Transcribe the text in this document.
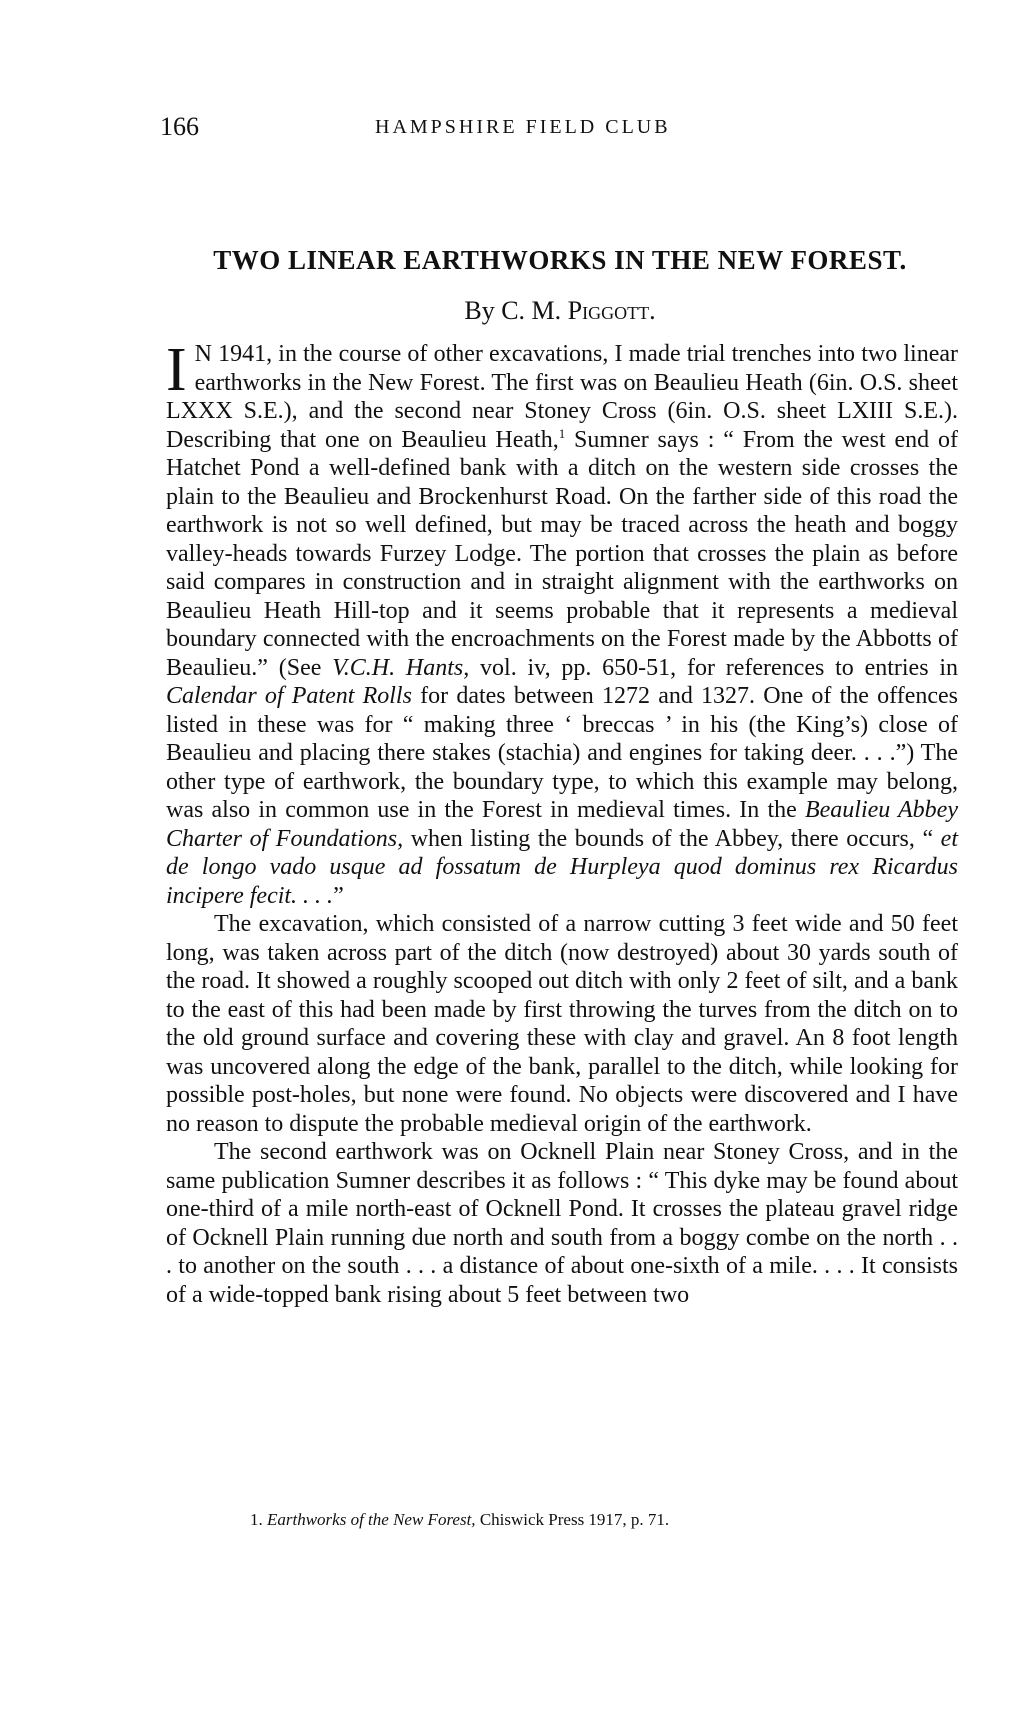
166	HAMPSHIRE FIELD CLUB
TWO LINEAR EARTHWORKS IN THE NEW FOREST.
By C. M. Piggott.

I N 1941, in the course of other excavations, I made trial trenches into two linear earthworks in the New Forest. The first was on Beaulieu Heath (6in. O.S. sheet LXXX S.E.), and the second near Stoney Cross (6in. O.S. sheet LXIII S.E.). Describing that one on Beaulieu Heath,$^1$ Sumner says : “ From the west end of Hatchet Pond a well-defined bank with a ditch on the western side crosses the plain to the Beaulieu and Brockenhurst Road. On the farther side of this road the earthwork is not so well defined, but may be traced across the heath and boggy valley-heads towards Furzey Lodge. The portion that crosses the plain as before said compares in construction and in straight alignment with the earthworks on Beaulieu Heath Hill-top and it seems probable that it represents a medieval boundary connected with the encroachments on the Forest made by the Abbotts of Beaulieu.” (See V.C.H. Hants, vol. iv, pp. 650-51, for references to entries in Calendar of Patent Rolls for dates between 1272 and 1327. One of the offences listed in these was for “ making three ‘ breccas ’ in his (the King’s) close of Beaulieu and placing there stakes (stachia) and engines for taking deer. . . .”) The other type of earthwork, the boundary type, to which this example may belong, was also in common use in the Forest in medieval times. In the Beaulieu Abbey Charter of Foundations, when listing the bounds of the Abbey, there occurs, “ et de longo vado usque ad fossatum de Hurpleya quod dominus rex Ricardus incipere fecit. . . .”

The excavation, which consisted of a narrow cutting 3 feet wide and 50 feet long, was taken across part of the ditch (now destroyed) about 30 yards south of the road. It showed a roughly scooped out ditch with only 2 feet of silt, and a bank to the east of this had been made by first throwing the turves from the ditch on to the old ground surface and covering these with clay and gravel. An 8 foot length was uncovered along the edge of the bank, parallel to the ditch, while looking for possible post-holes, but none were found. No objects were discovered and I have no reason to dispute the probable medieval origin of the earthwork.

The second earthwork was on Ocknell Plain near Stoney Cross, and in the same publication Sumner describes it as follows : “ This dyke may be found about one-third of a mile north-east of Ocknell Pond. It crosses the plateau gravel ridge of Ocknell Plain running due north and south from a boggy combe on the north . . . to another on the south . . . a distance of about one-sixth of a mile. . . . It consists of a wide-topped bank rising about 5 feet between two

1. Earthworks of the New Forest, Chiswick Press 1917, p. 71.
